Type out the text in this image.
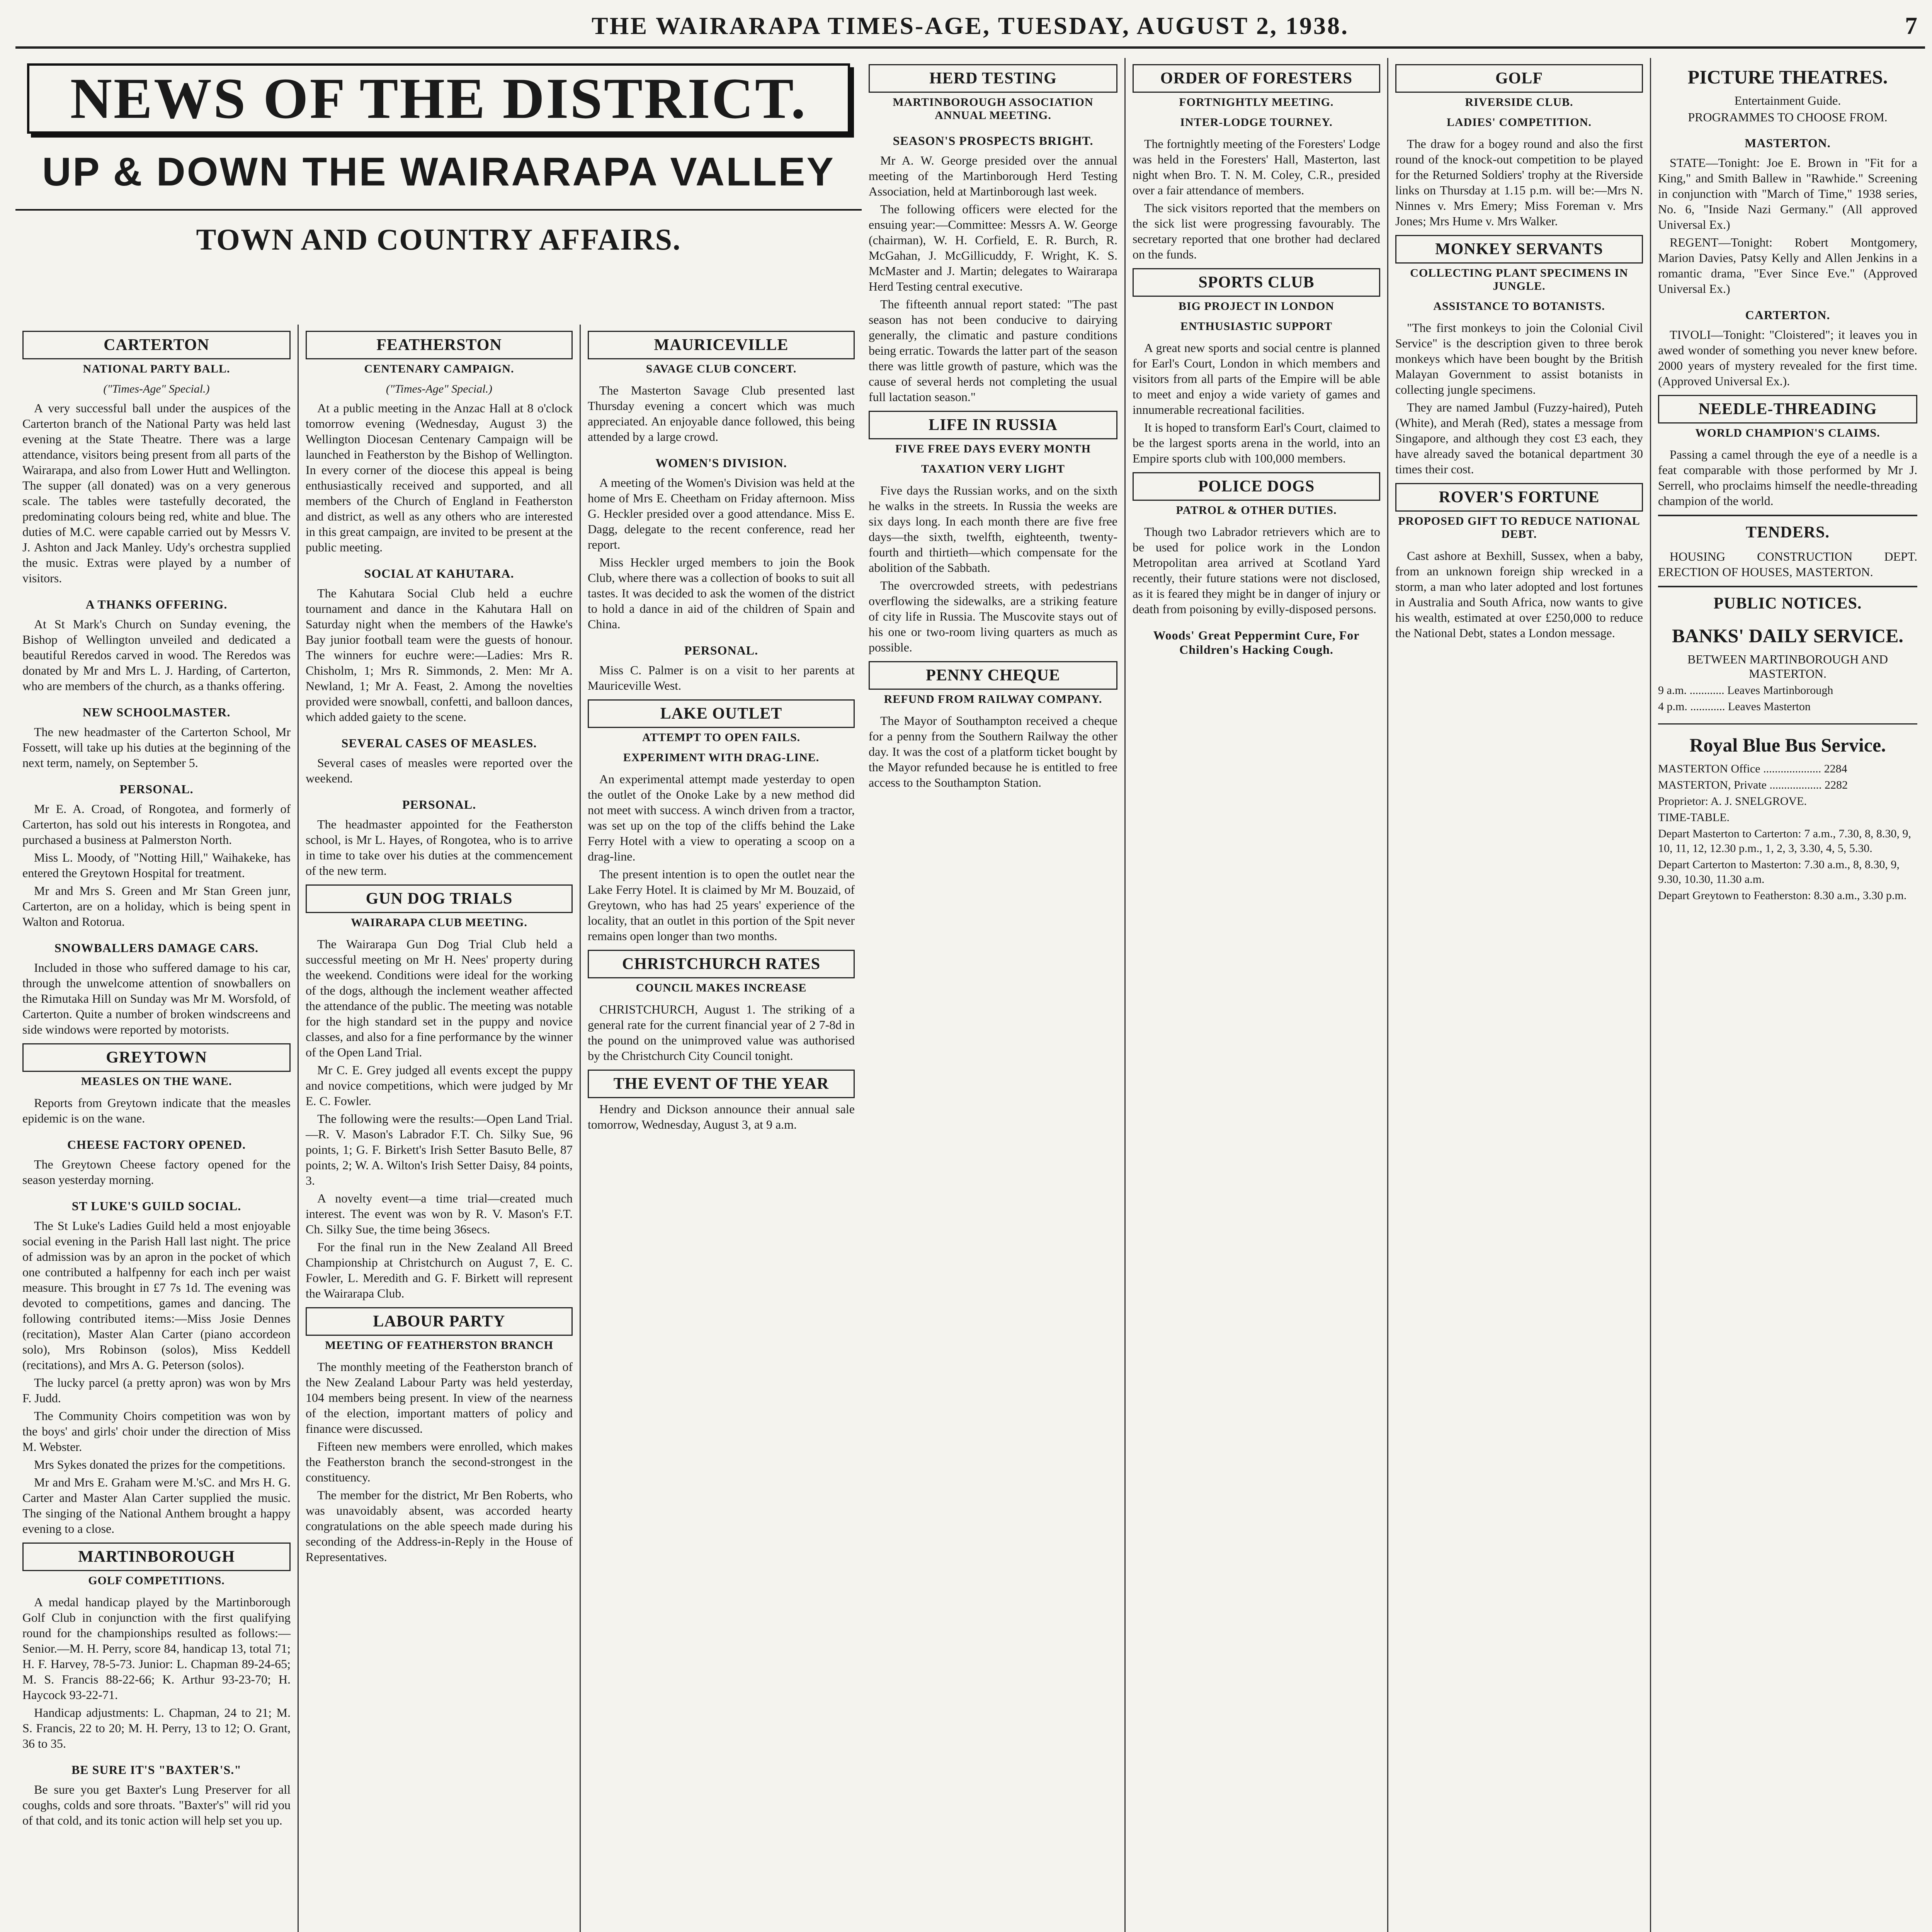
THE WAIRARAPA TIMES-AGE, TUESDAY, AUGUST 2, 1938.	7
NEWS OF THE DISTRICT.
UP & DOWN THE WAIRARAPA VALLEY
TOWN AND COUNTRY AFFAIRS.
CARTERTON
NATIONAL PARTY BALL.
("Times-Age" Special.)

A very successful ball under the auspices of the Carterton branch of the National Party was held last evening at the State Theatre. There was a large attendance, visitors being present from all parts of the Wairarapa, and also from Lower Hutt and Wellington. The supper (all donated) was on a very generous scale. The tables were tastefully decorated, the predominating colours being red, white and blue. The duties of M.C. were capable carried out by Messrs V. J. Ashton and Jack Manley. Udy's orchestra supplied the music. Extras were played by a number of visitors.

A THANKS OFFERING.

At St Mark's Church on Sunday evening, the Bishop of Wellington unveiled and dedicated a beautiful Reredos carved in wood. The Reredos was donated by Mr and Mrs L. J. Harding, of Carterton, who are members of the church, as a thanks offering.

NEW SCHOOLMASTER.

The new headmaster of the Carterton School, Mr Fossett, will take up his duties at the beginning of the next term, namely, on September 5.

PERSONAL.

Mr E. A. Croad, of Rongotea, and formerly of Carterton, has sold out his interests in Rongotea, and purchased a business at Palmerston North.

Miss L. Moody, of "Notting Hill," Waihakeke, has entered the Greytown Hospital for treatment.

Mr and Mrs S. Green and Mr Stan Green junr, Carterton, are on a holiday, which is being spent in Walton and Rotorua.

SNOWBALLERS DAMAGE CARS.

Included in those who suffered damage to his car, through the unwelcome attention of snowballers on the Rimutaka Hill on Sunday was Mr M. Worsfold, of Carterton. Quite a number of broken windscreens and side windows were reported by motorists.

GREYTOWN
MEASLES ON THE WANE.

Reports from Greytown indicate that the measles epidemic is on the wane.

CHEESE FACTORY OPENED.

The Greytown Cheese factory opened for the season yesterday morning.

ST LUKE'S GUILD SOCIAL.

The St Luke's Ladies Guild held a most enjoyable social evening in the Parish Hall last night. The price of admission was by an apron in the pocket of which one contributed a halfpenny for each inch per waist measure. This brought in £7 7s 1d. The evening was devoted to competitions, games and dancing. The following contributed items:—Miss Josie Dennes (recitation), Master Alan Carter (piano accordeon solo), Mrs Robinson (solos), Miss Keddell (recitations), and Mrs A. G. Peterson (solos).

The lucky parcel (a pretty apron) was won by Mrs F. Judd.

The Community Choirs competition was won by the boys' and girls' choir under the direction of Miss M. Webster.

Mrs Sykes donated the prizes for the competitions.

Mr and Mrs E. Graham were M.'sC. and Mrs H. G. Carter and Master Alan Carter supplied the music. The singing of the National Anthem brought a happy evening to a close.

MARTINBOROUGH
GOLF COMPETITIONS.

A medal handicap played by the Martinborough Golf Club in conjunction with the first qualifying round for the championships resulted as follows:—Senior.—M. H. Perry, score 84, handicap 13, total 71; H. F. Harvey, 78-5-73. Junior: L. Chapman 89-24-65; M. S. Francis 88-22-66; K. Arthur 93-23-70; H. Haycock 93-22-71.

Handicap adjustments: L. Chapman, 24 to 21; M. S. Francis, 22 to 20; M. H. Perry, 13 to 12; O. Grant, 36 to 35.

BE SURE IT'S "BAXTER'S."

Be sure you get Baxter's Lung Preserver for all coughs, colds and sore throats. "Baxter's" will rid you of that cold, and its tonic action will help set you up.

FEATHERSTON
CENTENARY CAMPAIGN.
("Times-Age" Special.)

At a public meeting in the Anzac Hall at 8 o'clock tomorrow evening (Wednesday, August 3) the Wellington Diocesan Centenary Campaign will be launched in Featherston by the Bishop of Wellington. In every corner of the diocese this appeal is being enthusiastically received and supported, and all members of the Church of England in Featherston and district, as well as any others who are interested in this great campaign, are invited to be present at the public meeting.

SOCIAL AT KAHUTARA.

The Kahutara Social Club held a euchre tournament and dance in the Kahutara Hall on Saturday night when the members of the Hawke's Bay junior football team were the guests of honour. The winners for euchre were:—Ladies: Mrs R. Chisholm, 1; Mrs R. Simmonds, 2. Men: Mr A. Newland, 1; Mr A. Feast, 2. Among the novelties provided were snowball, confetti, and balloon dances, which added gaiety to the scene.

SEVERAL CASES OF MEASLES.

Several cases of measles were reported over the weekend.

PERSONAL.

The headmaster appointed for the Featherston school, is Mr L. Hayes, of Rongotea, who is to arrive in time to take over his duties at the commencement of the new term.

GUN DOG TRIALS
WAIRARAPA CLUB MEETING.

The Wairarapa Gun Dog Trial Club held a successful meeting on Mr H. Nees' property during the weekend. Conditions were ideal for the working of the dogs, although the inclement weather affected the attendance of the public. The meeting was notable for the high standard set in the puppy and novice classes, and also for a fine performance by the winner of the Open Land Trial.

Mr C. E. Grey judged all events except the puppy and novice competitions, which were judged by Mr E. C. Fowler.

The following were the results:—Open Land Trial.—R. V. Mason's Labrador F.T. Ch. Silky Sue, 96 points, 1; G. F. Birkett's Irish Setter Basuto Belle, 87 points, 2; W. A. Wilton's Irish Setter Daisy, 84 points, 3.

A novelty event—a time trial—created much interest. The event was won by R. V. Mason's F.T. Ch. Silky Sue, the time being 36secs.

For the final run in the New Zealand All Breed Championship at Christchurch on August 7, E. C. Fowler, L. Meredith and G. F. Birkett will represent the Wairarapa Club.

LABOUR PARTY
MEETING OF FEATHERSTON BRANCH

The monthly meeting of the Featherston branch of the New Zealand Labour Party was held yesterday, 104 members being present. In view of the nearness of the election, important matters of policy and finance were discussed.

Fifteen new members were enrolled, which makes the Featherston branch the second-strongest in the constituency.

The member for the district, Mr Ben Roberts, who was unavoidably absent, was accorded hearty congratulations on the able speech made during his seconding of the Address-in-Reply in the House of Representatives.

MAURICEVILLE
SAVAGE CLUB CONCERT.

The Masterton Savage Club presented last Thursday evening a concert which was much appreciated. An enjoyable dance followed, this being attended by a large crowd.

WOMEN'S DIVISION.

A meeting of the Women's Division was held at the home of Mrs E. Cheetham on Friday afternoon. Miss G. Heckler presided over a good attendance. Miss E. Dagg, delegate to the recent conference, read her report.

Miss Heckler urged members to join the Book Club, where there was a collection of books to suit all tastes. It was decided to ask the women of the district to hold a dance in aid of the children of Spain and China.

PERSONAL.

Miss C. Palmer is on a visit to her parents at Mauriceville West.

LAKE OUTLET
ATTEMPT TO OPEN FAILS.
EXPERIMENT WITH DRAG-LINE.

An experimental attempt made yesterday to open the outlet of the Onoke Lake by a new method did not meet with success. A winch driven from a tractor, was set up on the top of the cliffs behind the Lake Ferry Hotel with a view to operating a scoop on a drag-line.

The present intention is to open the outlet near the Lake Ferry Hotel. It is claimed by Mr M. Bouzaid, of Greytown, who has had 25 years' experience of the locality, that an outlet in this portion of the Spit never remains open longer than two months.

CHRISTCHURCH RATES
COUNCIL MAKES INCREASE

CHRISTCHURCH, August 1. The striking of a general rate for the current financial year of 2 7-8d in the pound on the unimproved value was authorised by the Christchurch City Council tonight.

THE EVENT OF THE YEAR

Hendry and Dickson announce their annual sale tomorrow, Wednesday, August 3, at 9 a.m.

HERD TESTING
MARTINBOROUGH ASSOCIATION ANNUAL MEETING.
SEASON'S PROSPECTS BRIGHT.

Mr A. W. George presided over the annual meeting of the Martinborough Herd Testing Association, held at Martinborough last week.

The following officers were elected for the ensuing year:—Committee: Messrs A. W. George (chairman), W. H. Corfield, E. R. Burch, R. McGahan, J. McGillicuddy, F. Wright, K. S. McMaster and J. Martin; delegates to Wairarapa Herd Testing central executive.

The fifteenth annual report stated: "The past season has not been conducive to dairying generally, the climatic and pasture conditions being erratic. Towards the latter part of the season there was little growth of pasture, which was the cause of several herds not completing the usual full lactation season."

LIFE IN RUSSIA
FIVE FREE DAYS EVERY MONTH
TAXATION VERY LIGHT

Five days the Russian works, and on the sixth he walks in the streets. In Russia the weeks are six days long. In each month there are five free days—the sixth, twelfth, eighteenth, twenty-fourth and thirtieth—which compensate for the abolition of the Sabbath.

The overcrowded streets, with pedestrians overflowing the sidewalks, are a striking feature of city life in Russia. The Muscovite stays out of his one or two-room living quarters as much as possible.

PENNY CHEQUE
REFUND FROM RAILWAY COMPANY.

The Mayor of Southampton received a cheque for a penny from the Southern Railway the other day. It was the cost of a platform ticket bought by the Mayor refunded because he is entitled to free access to the Southampton Station.

ORDER OF FORESTERS
FORTNIGHTLY MEETING.
INTER-LODGE TOURNEY.

The fortnightly meeting of the Foresters' Lodge was held in the Foresters' Hall, Masterton, last night when Bro. T. N. M. Coley, C.R., presided over a fair attendance of members.

The sick visitors reported that the members on the sick list were progressing favourably. The secretary reported that one brother had declared on the funds.

SPORTS CLUB
BIG PROJECT IN LONDON
ENTHUSIASTIC SUPPORT

A great new sports and social centre is planned for Earl's Court, London in which members and visitors from all parts of the Empire will be able to meet and enjoy a wide variety of games and innumerable recreational facilities.

It is hoped to transform Earl's Court, claimed to be the largest sports arena in the world, into an Empire sports club with 100,000 members.

POLICE DOGS
PATROL & OTHER DUTIES.

Though two Labrador retrievers which are to be used for police work in the London Metropolitan area arrived at Scotland Yard recently, their future stations were not disclosed, as it is feared they might be in danger of injury or death from poisoning by evilly-disposed persons.

Woods' Great Peppermint Cure, For Children's Hacking Cough.
GOLF
RIVERSIDE CLUB.
LADIES' COMPETITION.

The draw for a bogey round and also the first round of the knock-out competition to be played for the Returned Soldiers' trophy at the Riverside links on Thursday at 1.15 p.m. will be:—Mrs N. Ninnes v. Mrs Emery; Miss Foreman v. Mrs Jones; Mrs Hume v. Mrs Walker.

MONKEY SERVANTS
COLLECTING PLANT SPECIMENS IN JUNGLE.
ASSISTANCE TO BOTANISTS.

"The first monkeys to join the Colonial Civil Service" is the description given to three berok monkeys which have been bought by the British Malayan Government to assist botanists in collecting jungle specimens.

They are named Jambul (Fuzzy-haired), Puteh (White), and Merah (Red), states a message from Singapore, and although they cost £3 each, they have already saved the botanical department 30 times their cost.

ROVER'S FORTUNE
PROPOSED GIFT TO REDUCE NATIONAL DEBT.

Cast ashore at Bexhill, Sussex, when a baby, from an unknown foreign ship wrecked in a storm, a man who later adopted and lost fortunes in Australia and South Africa, now wants to give his wealth, estimated at over £250,000 to reduce the National Debt, states a London message.

PICTURE THEATRES.
Entertainment Guide.
PROGRAMMES TO CHOOSE FROM.
MASTERTON.

STATE—Tonight: Joe E. Brown in "Fit for a King," and Smith Ballew in "Rawhide." Screening in conjunction with "March of Time," 1938 series, No. 6, "Inside Nazi Germany." (All approved Universal Ex.)

REGENT—Tonight: Robert Montgomery, Marion Davies, Patsy Kelly and Allen Jenkins in a romantic drama, "Ever Since Eve." (Approved Universal Ex.)

CARTERTON.

TIVOLI—Tonight: "Cloistered"; it leaves you in awed wonder of something you never knew before. 2000 years of mystery revealed for the first time. (Approved Universal Ex.).

NEEDLE-THREADING
WORLD CHAMPION'S CLAIMS.

Passing a camel through the eye of a needle is a feat comparable with those performed by Mr J. Serrell, who proclaims himself the needle-threading champion of the world.

TENDERS.

HOUSING CONSTRUCTION DEPT. ERECTION OF HOUSES, MASTERTON.

PUBLIC NOTICES.
BANKS' DAILY SERVICE.
BETWEEN MARTINBOROUGH AND MASTERTON.

9 a.m. ............ Leaves Martinborough

4 p.m. ............ Leaves Masterton

Royal Blue Bus Service.

MASTERTON Office .................... 2284

MASTERTON, Private .................. 2282

Proprietor: A. J. SNELGROVE.

TIME-TABLE.

Depart Masterton to Carterton: 7 a.m., 7.30, 8, 8.30, 9, 10, 11, 12, 12.30 p.m., 1, 2, 3, 3.30, 4, 5, 5.30.

Depart Carterton to Masterton: 7.30 a.m., 8, 8.30, 9, 9.30, 10.30, 11.30 a.m.

Depart Greytown to Featherston: 8.30 a.m., 3.30 p.m.
